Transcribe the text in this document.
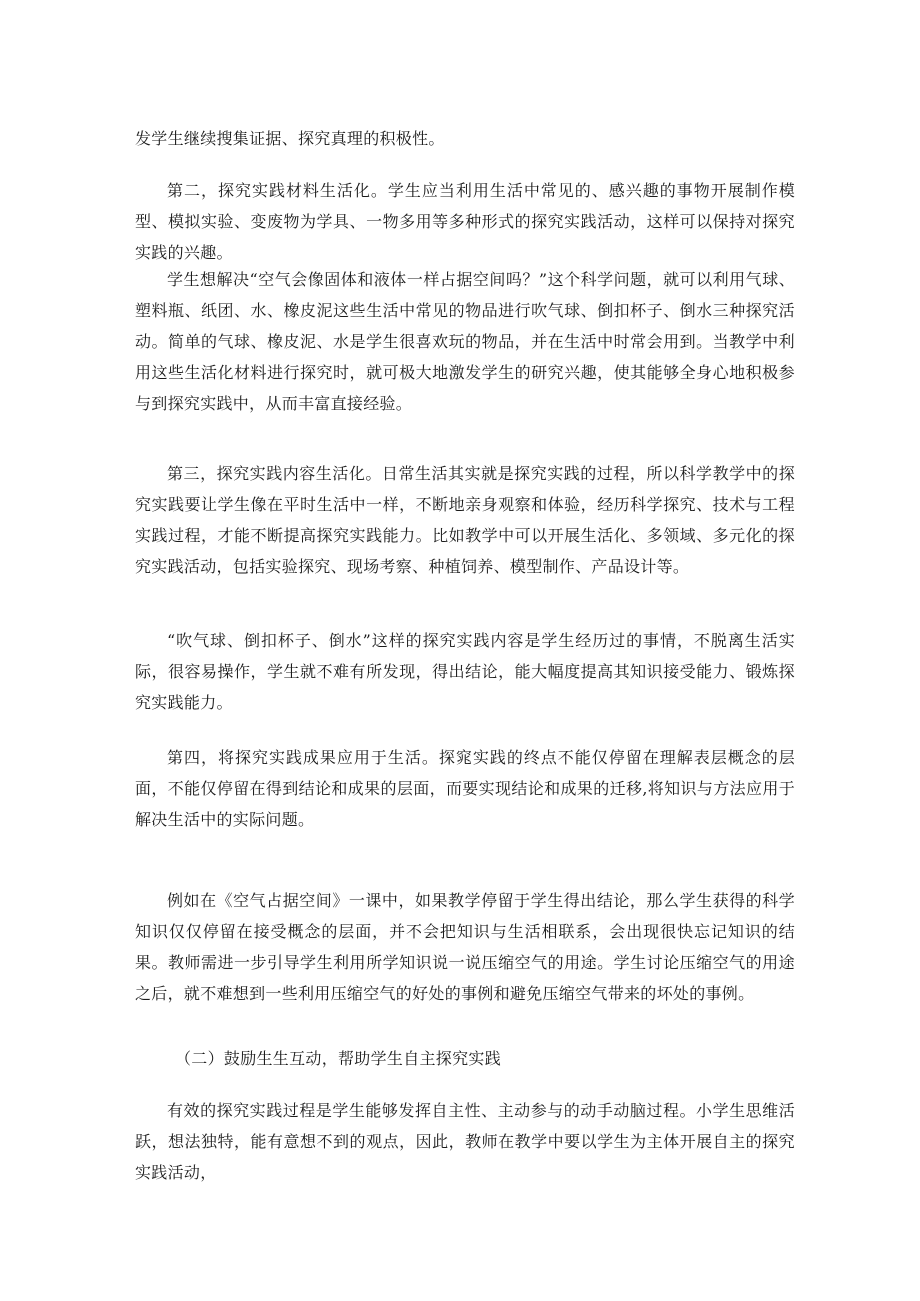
发学生继续搜集证据、探究真理的积极性。

第二，探究实践材料生活化。学生应当利用生活中常见的、感兴趣的事物开展制作模型、模拟实验、变废物为学具、一物多用等多种形式的探究实践活动，这样可以保持对探究实践的兴趣。

学生想解决“空气会像固体和液体一样占据空间吗？”这个科学问题，就可以利用气球、塑料瓶、纸团、水、橡皮泥这些生活中常见的物品进行吹气球、倒扣杯子、倒水三种探究活动。简单的气球、橡皮泥、水是学生很喜欢玩的物品，并在生活中时常会用到。当教学中利用这些生活化材料进行探究时，就可极大地激发学生的研究兴趣，使其能够全身心地积极参与到探究实践中，从而丰富直接经验。

第三，探究实践内容生活化。日常生活其实就是探究实践的过程，所以科学教学中的探究实践要让学生像在平时生活中一样，不断地亲身观察和体验，经历科学探究、技术与工程实践过程，才能不断提高探究实践能力。比如教学中可以开展生活化、多领域、多元化的探究实践活动，包括实验探究、现场考察、种植饲养、模型制作、产品设计等。

“吹气球、倒扣杯子、倒水”这样的探究实践内容是学生经历过的事情，不脱离生活实际，很容易操作，学生就不难有所发现，得出结论，能大幅度提高其知识接受能力、锻炼探究实践能力。

第四，将探究实践成果应用于生活。探窕实践的终点不能仅停留在理解表层概念的层面，不能仅停留在得到结论和成果的层面，而要实现结论和成果的迁移,将知识与方法应用于解决生活中的实际问题。

例如在《空气占据空间》一课中，如果教学停留于学生得出结论，那么学生获得的科学知识仅仅停留在接受概念的层面，并不会把知识与生活相联系，会出现很快忘记知识的结果。教师需进一步引导学生利用所学知识说一说压缩空气的用途。学生讨论压缩空气的用途之后，就不难想到一些利用压缩空气的好处的事例和避免压缩空气带来的坏处的事例。

（二）鼓励生生互动，帮助学生自主探究实践

有效的探究实践过程是学生能够发挥自主性、主动参与的动手动脑过程。小学生思维活跃，想法独特，能有意想不到的观点，因此，教师在教学中要以学生为主体开展自主的探究实践活动，
